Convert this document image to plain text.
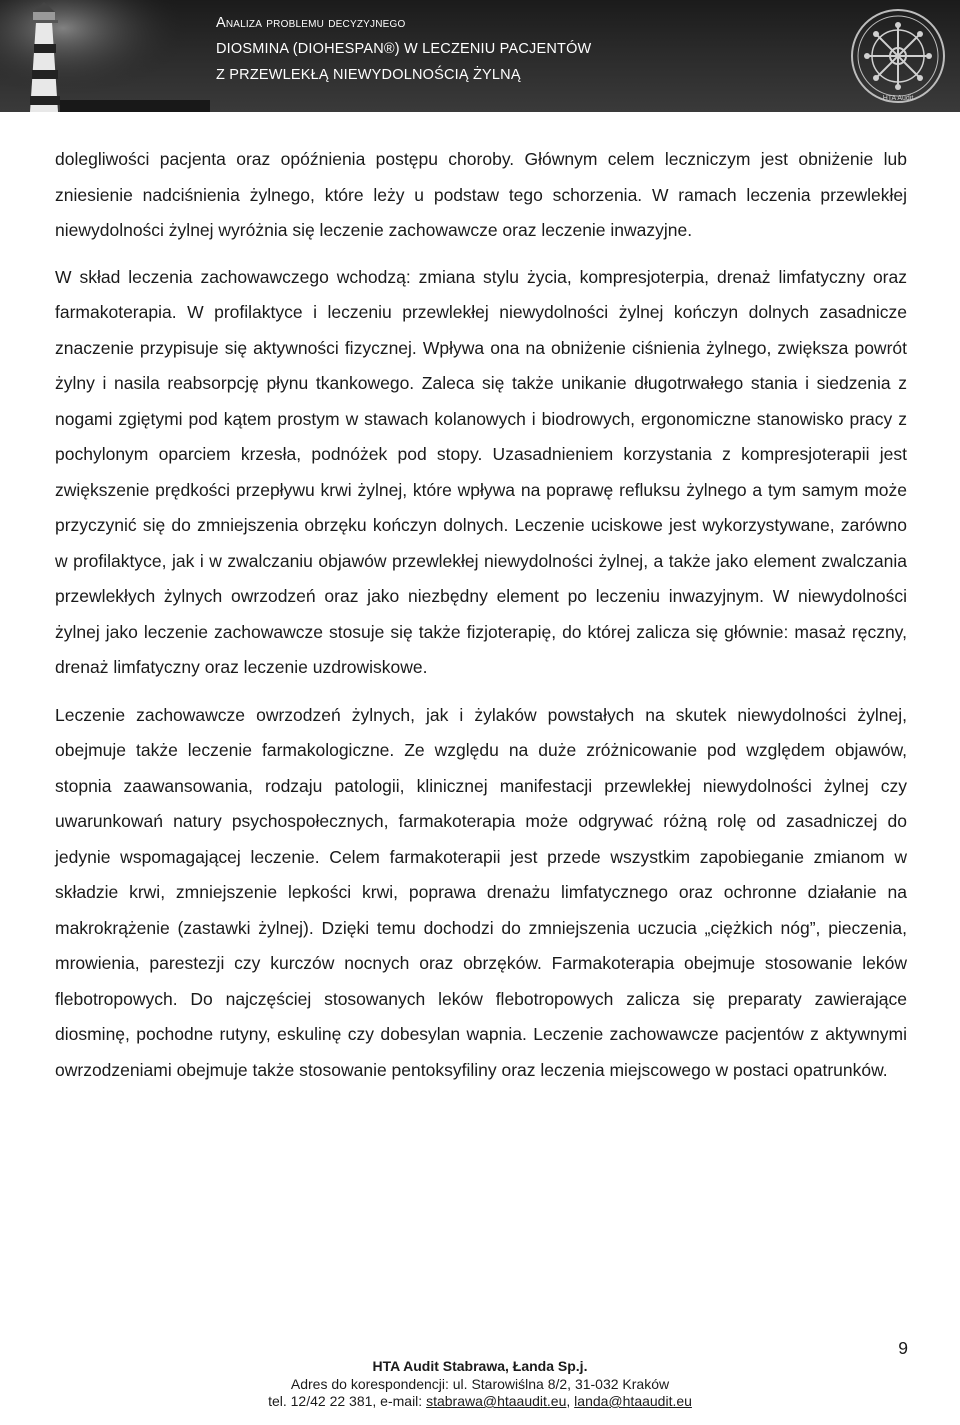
Analiza problemu decyzyjnego
DIOSMINA (DIOHESPAN®) W LECZENIU PACJENTÓW
Z PRZEWLEKŁĄ NIEWYDOLNOŚCIĄ ŻYLNĄ
HTA Audit

dolegliwości pacjenta oraz opóźnienia postępu choroby. Głównym celem leczniczym jest obniżenie lub zniesienie nadciśnienia żylnego, które leży u podstaw tego schorzenia. W ramach leczenia przewlekłej niewydolności żylnej wyróżnia się leczenie zachowawcze oraz leczenie inwazyjne.

W skład leczenia zachowawczego wchodzą: zmiana stylu życia, kompresjoterpia, drenaż limfatyczny oraz farmakoterapia. W profilaktyce i leczeniu przewlekłej niewydolności żylnej kończyn dolnych zasadnicze znaczenie przypisuje się aktywności fizycznej. Wpływa ona na obniżenie ciśnienia żylnego, zwiększa powrót żylny i nasila reabsorpcję płynu tkankowego. Zaleca się także unikanie długotrwałego stania i siedzenia z nogami zgiętymi pod kątem prostym w stawach kolanowych i biodrowych, ergonomiczne stanowisko pracy z pochylonym oparciem krzesła, podnóżek pod stopy. Uzasadnieniem korzystania z kompresjoterapii jest zwiększenie prędkości przepływu krwi żylnej, które wpływa na poprawę refluksu żylnego a tym samym może przyczynić się do zmniejszenia obrzęku kończyn dolnych. Leczenie uciskowe jest wykorzystywane, zarówno w profilaktyce, jak i w zwalczaniu objawów przewlekłej niewydolności żylnej, a także jako element zwalczania przewlekłych żylnych owrzodzeń oraz jako niezbędny element po leczeniu inwazyjnym. W niewydolności żylnej jako leczenie zachowawcze stosuje się także fizjoterapię, do której zalicza się głównie: masaż ręczny, drenaż limfatyczny oraz leczenie uzdrowiskowe.

Leczenie zachowawcze owrzodzeń żylnych, jak i żylaków powstałych na skutek niewydolności żylnej, obejmuje także leczenie farmakologiczne. Ze względu na duże zróżnicowanie pod względem objawów, stopnia zaawansowania, rodzaju patologii, klinicznej manifestacji przewlekłej niewydolności żylnej czy uwarunkowań natury psychospołecznych, farmakoterapia może odgrywać różną rolę od zasadniczej do jedynie wspomagającej leczenie. Celem farmakoterapii jest przede wszystkim zapobieganie zmianom w składzie krwi, zmniejszenie lepkości krwi, poprawa drenażu limfatycznego oraz ochronne działanie na makrokrążenie (zastawki żylnej). Dzięki temu dochodzi do zmniejszenia uczucia „ciężkich nóg”, pieczenia, mrowienia, parestezji czy kurczów nocnych oraz obrzęków. Farmakoterapia obejmuje stosowanie leków flebotropowych. Do najczęściej stosowanych leków flebotropowych zalicza się preparaty zawierające diosminę, pochodne rutyny, eskulinę czy dobesylan wapnia. Leczenie zachowawcze pacjentów z aktywnymi owrzodzeniami obejmuje także stosowanie pentoksyfiliny oraz leczenia miejscowego w postaci opatrunków.

9
HTA Audit Stabrawa, Łanda Sp.j.
Adres do korespondencji: ul. Starowiślna 8/2, 31-032 Kraków
tel. 12/42 22 381, e-mail: stabrawa@htaaudit.eu, landa@htaaudit.eu
